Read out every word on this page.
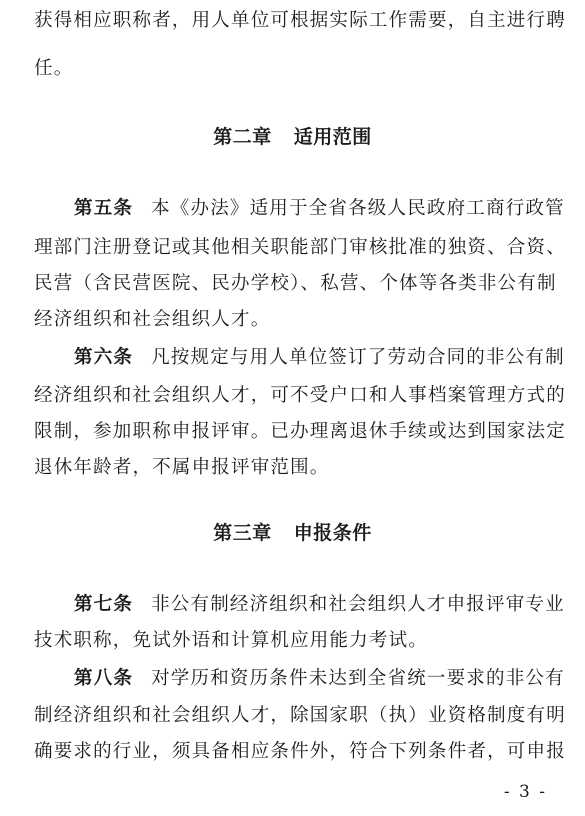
获得相应职称者，用人单位可根据实际工作需要，自主进行聘
任。
第二章 适用范围
第五条 本《办法》适用于全省各级人民政府工商行政管
理部门注册登记或其他相关职能部门审核批准的独资、合资、
民营（含民营医院、民办学校）、私营、个体等各类非公有制
经济组织和社会组织人才。
第六条 凡按规定与用人单位签订了劳动合同的非公有制
经济组织和社会组织人才，可不受户口和人事档案管理方式的
限制，参加职称申报评审。已办理离退休手续或达到国家法定
退休年龄者，不属申报评审范围。
第三章 申报条件
第七条 非公有制经济组织和社会组织人才申报评审专业
技术职称，免试外语和计算机应用能力考试。
第八条 对学历和资历条件未达到全省统一要求的非公有
制经济组织和社会组织人才，除国家职（执）业资格制度有明
确要求的行业，须具备相应条件外，符合下列条件者，可申报
- 3 -
